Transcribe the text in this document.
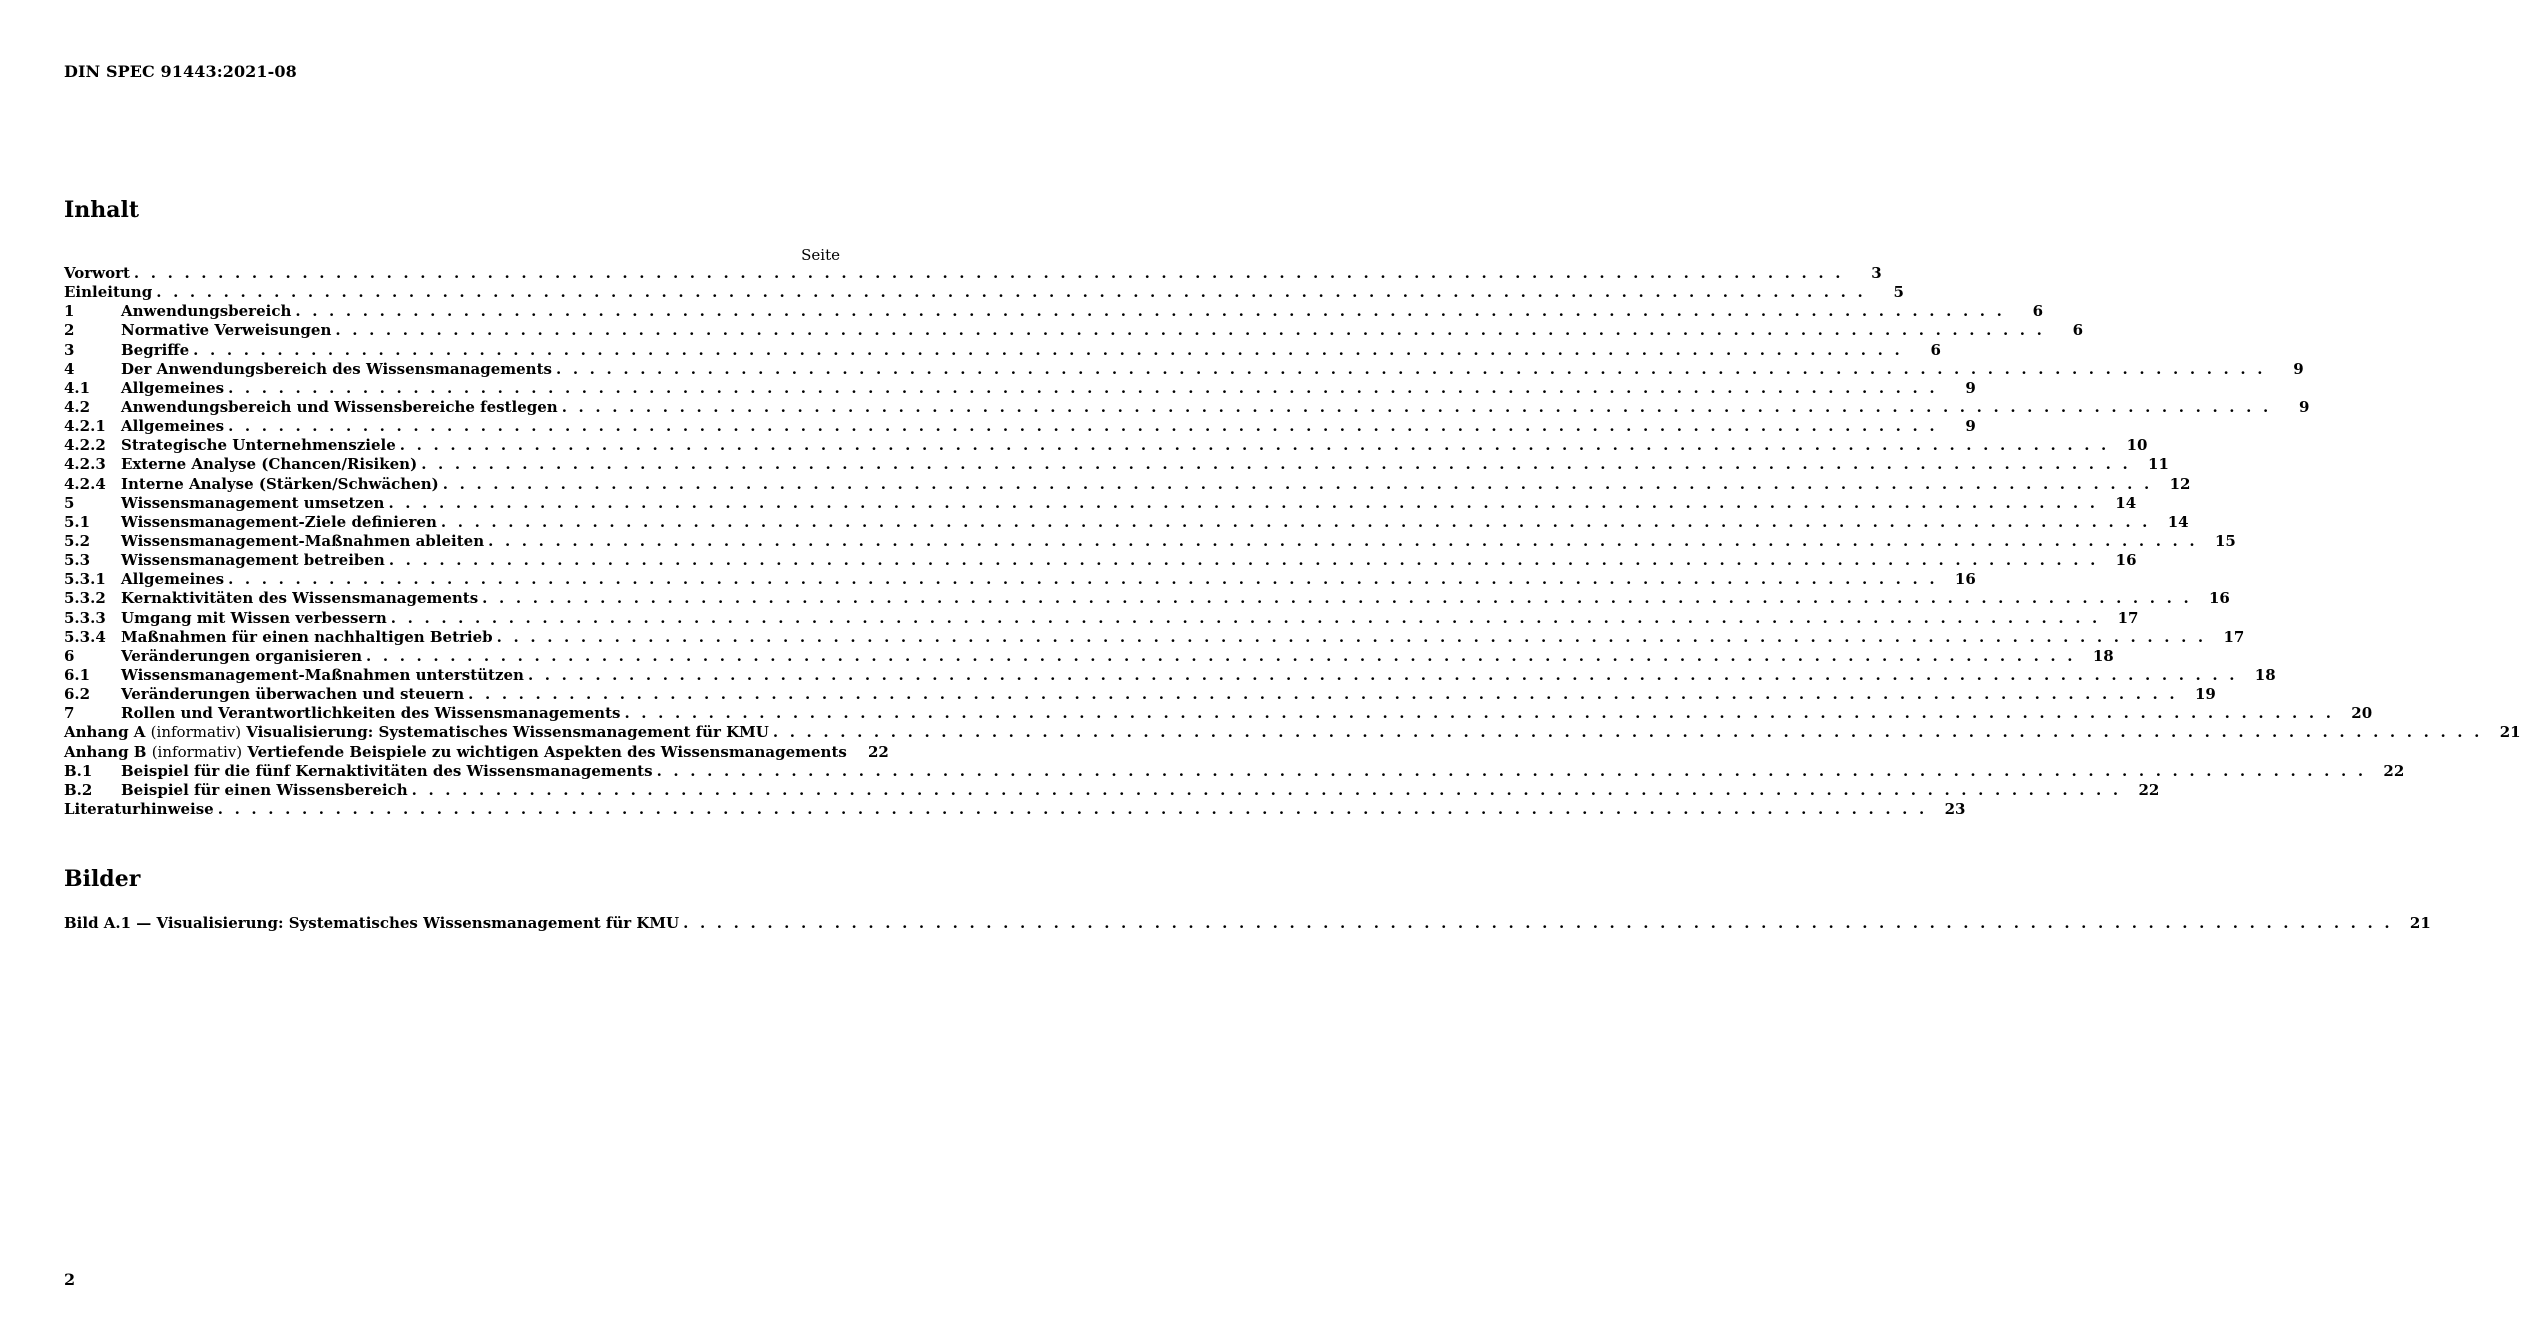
DIN SPEC 91443:2021-08
Inhalt
Seite
Vorwort . . .	3
Einleitung . . .	5
1	Anwendungsbereich . . .	6
2	Normative Verweisungen . . .	6
3	Begriffe . . .	6
4	Der Anwendungsbereich des Wissensmanagements . . .	9
4.1	Allgemeines . . .	9
4.2	Anwendungsbereich und Wissensbereiche festlegen . . .	9
4.2.1	Allgemeines . . .	9
4.2.2	Strategische Unternehmensziele . . .	10
4.2.3	Externe Analyse (Chancen/Risiken) . . .	11
4.2.4	Interne Analyse (Stärken/Schwächen) . . .	12
5	Wissensmanagement umsetzen . . .	14
5.1	Wissensmanagement-Ziele definieren . . .	14
5.2	Wissensmanagement-Maßnahmen ableiten . . .	15
5.3	Wissensmanagement betreiben . . .	16
5.3.1	Allgemeines . . .	16
5.3.2	Kernaktivitäten des Wissensmanagements . . .	16
5.3.3	Umgang mit Wissen verbessern . . .	17
5.3.4	Maßnahmen für einen nachhaltigen Betrieb . . .	17
6	Veränderungen organisieren . . .	18
6.1	Wissensmanagement-Maßnahmen unterstützen . . .	18
6.2	Veränderungen überwachen und steuern . . .	19
7	Rollen und Verantwortlichkeiten des Wissensmanagements . . .	20
Anhang A (informativ) Visualisierung: Systematisches Wissensmanagement für KMU . . .	21
Anhang B (informativ) Vertiefende Beispiele zu wichtigen Aspekten des Wissensmanagements	22
B.1	Beispiel für die fünf Kernaktivitäten des Wissensmanagements . . .	22
B.2	Beispiel für einen Wissensbereich . . .	22
Literaturhinweise . . .	23
Bilder
Bild A.1 — Visualisierung: Systematisches Wissensmanagement für KMU . . .	21
2
